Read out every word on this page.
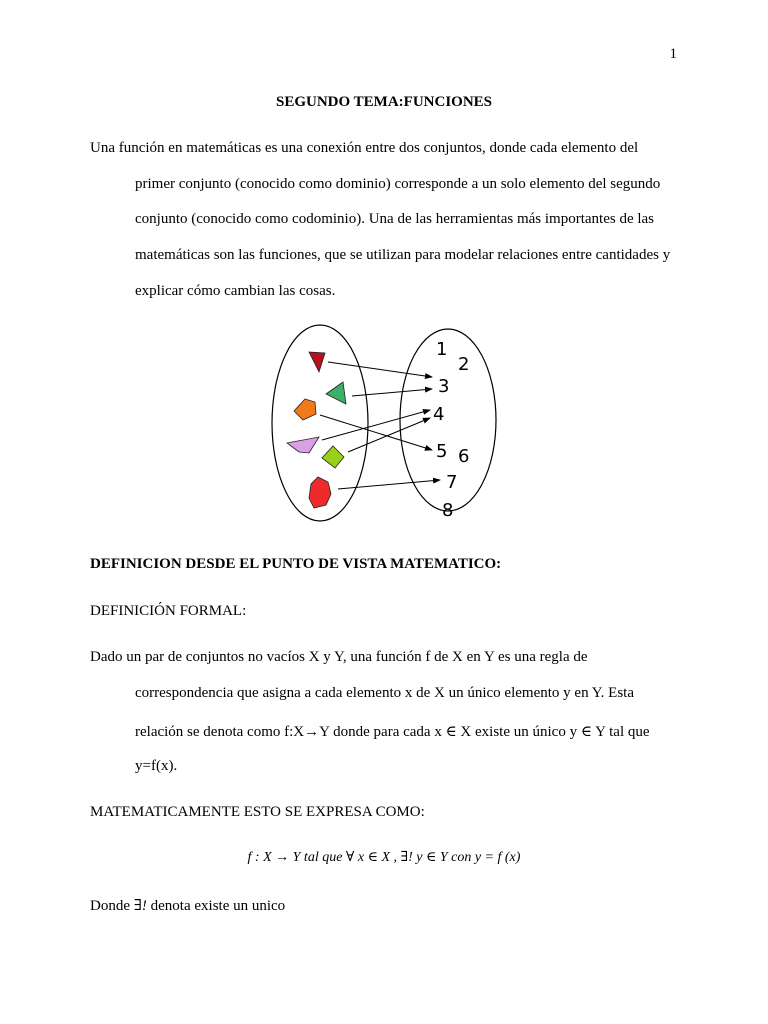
1
SEGUNDO TEMA:FUNCIONES
Una función en matemáticas es una conexión entre dos conjuntos, donde cada elemento del
primer conjunto (conocido como dominio) corresponde a un solo elemento del segundo
conjunto (conocido como codominio). Una de las herramientas más importantes de las
matemáticas son las funciones, que se utilizan para modelar relaciones entre cantidades y
explicar cómo cambian las cosas.
1
2
3
4
5 6
7
8
DEFINICION DESDE EL PUNTO DE VISTA MATEMATICO:
DEFINICIÓN FORMAL:
Dado un par de conjuntos no vacíos X y Y, una función f de X en Y es una regla de
correspondencia que asigna a cada elemento x de X un único elemento y en Y. Esta
relación se denota como f:X→Y donde para cada x ∈ X existe un único y ∈ Y tal que
y=f(x).
MATEMATICAMENTE ESTO SE EXPRESA COMO:
f : X → Y tal que ∀ x ∈ X , ∃! y ∈ Y con y = f (x)
Donde ∃! denota existe un unico
